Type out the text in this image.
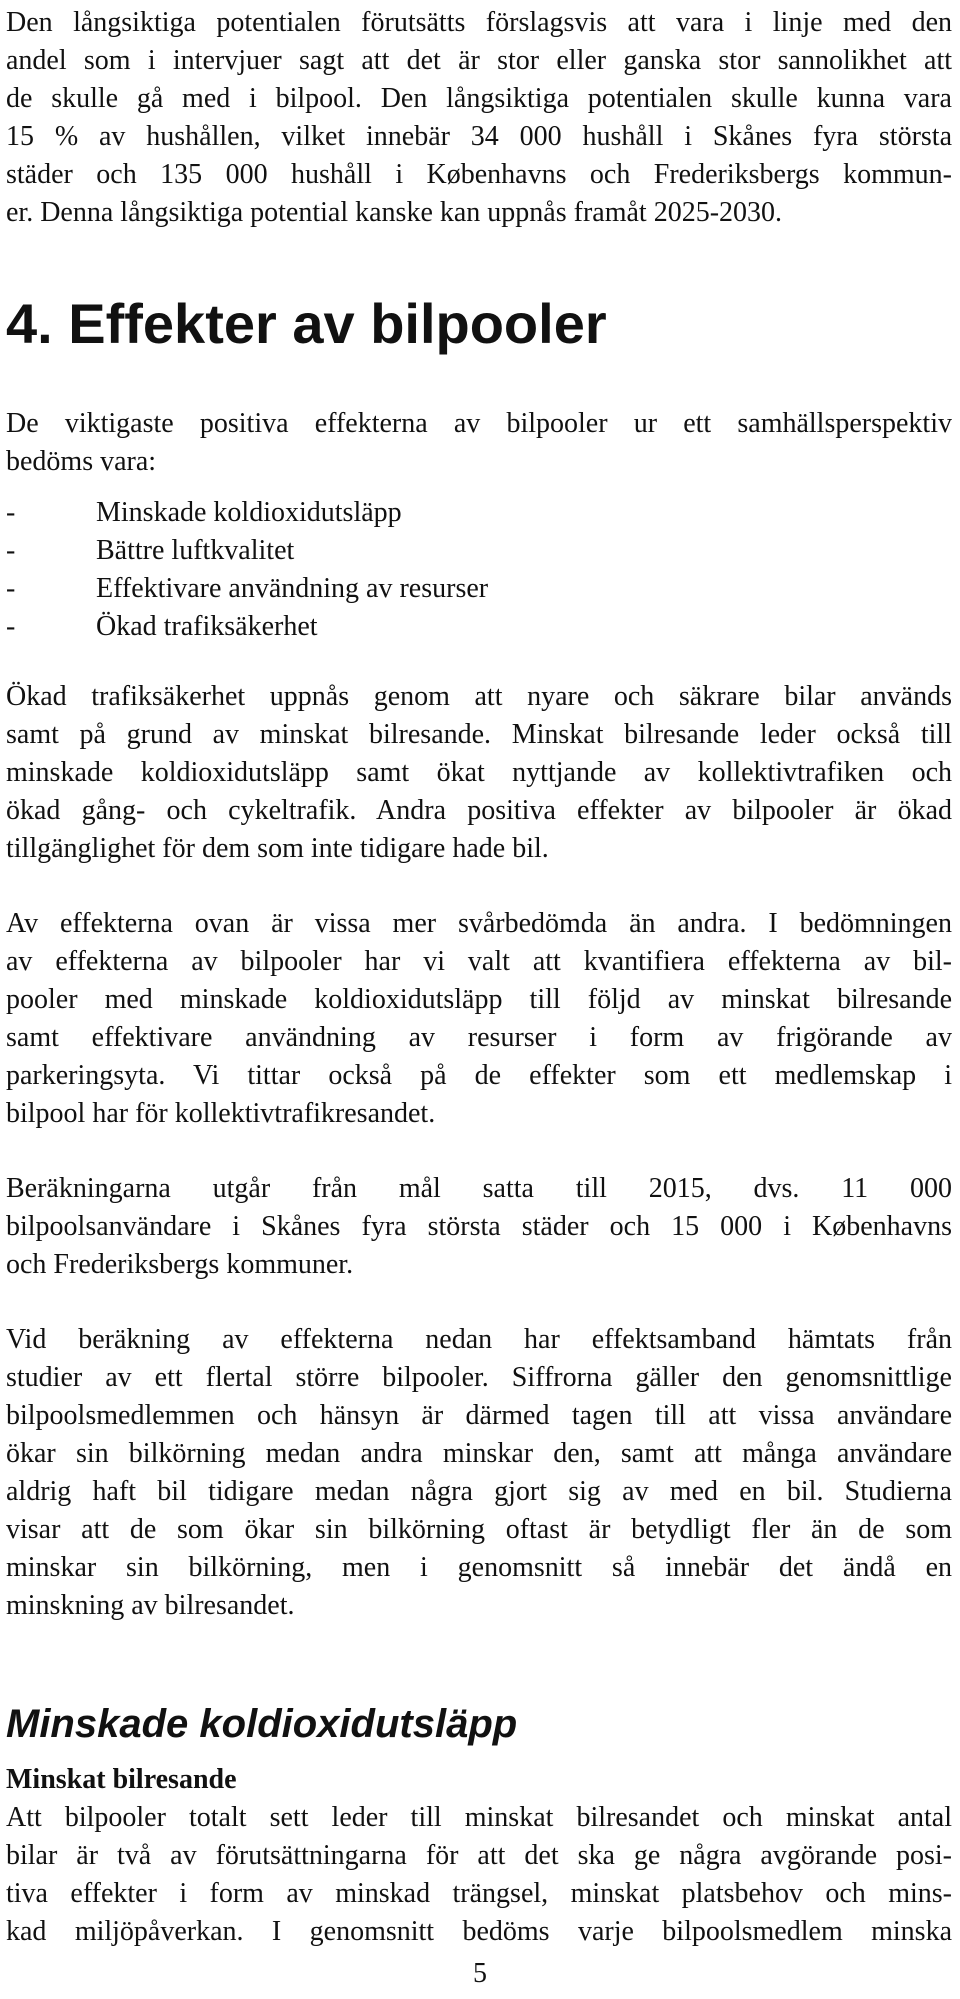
Den långsiktiga potentialen förutsätts förslagsvis att vara i linje med den
andel som i intervjuer sagt att det är stor eller ganska stor sannolikhet att
de skulle gå med i bilpool. Den långsiktiga potentialen skulle kunna vara
15 % av hushållen, vilket innebär 34 000 hushåll i Skånes fyra största
städer och 135 000 hushåll i Københavns och Frederiksbergs kommun-
er. Denna långsiktiga potential kanske kan uppnås framåt 2025-2030.
4. Effekter av bilpooler
De viktigaste positiva effekterna av bilpooler ur ett samhällsperspektiv
bedöms vara:
-	Minskade koldioxidutsläpp
-	Bättre luftkvalitet
-	Effektivare användning av resurser
-	Ökad trafiksäkerhet
Ökad trafiksäkerhet uppnås genom att nyare och säkrare bilar används
samt på grund av minskat bilresande. Minskat bilresande leder också till
minskade koldioxidutsläpp samt ökat nyttjande av kollektivtrafiken och
ökad gång- och cykeltrafik. Andra positiva effekter av bilpooler är ökad
tillgänglighet för dem som inte tidigare hade bil.
Av effekterna ovan är vissa mer svårbedömda än andra. I bedömningen
av effekterna av bilpooler har vi valt att kvantifiera effekterna av bil-
pooler med minskade koldioxidutsläpp till följd av minskat bilresande
samt effektivare användning av resurser i form av frigörande av
parkeringsyta. Vi tittar också på de effekter som ett medlemskap i
bilpool har för kollektivtrafikresandet.
Beräkningarna utgår från mål satta till 2015, dvs. 11 000
bilpoolsanvändare i Skånes fyra största städer och 15 000 i Københavns
och Frederiksbergs kommuner.
Vid beräkning av effekterna nedan har effektsamband hämtats från
studier av ett flertal större bilpooler. Siffrorna gäller den genomsnittlige
bilpoolsmedlemmen och hänsyn är därmed tagen till att vissa användare
ökar sin bilkörning medan andra minskar den, samt att många användare
aldrig haft bil tidigare medan några gjort sig av med en bil. Studierna
visar att de som ökar sin bilkörning oftast är betydligt fler än de som
minskar sin bilkörning, men i genomsnitt så innebär det ändå en
minskning av bilresandet.
Minskade koldioxidutsläpp
Minskat bilresande
Att bilpooler totalt sett leder till minskat bilresandet och minskat antal
bilar är två av förutsättningarna för att det ska ge några avgörande posi-
tiva effekter i form av minskad trängsel, minskat platsbehov och mins-
kad miljöpåverkan. I genomsnitt bedöms varje bilpoolsmedlem minska
5
